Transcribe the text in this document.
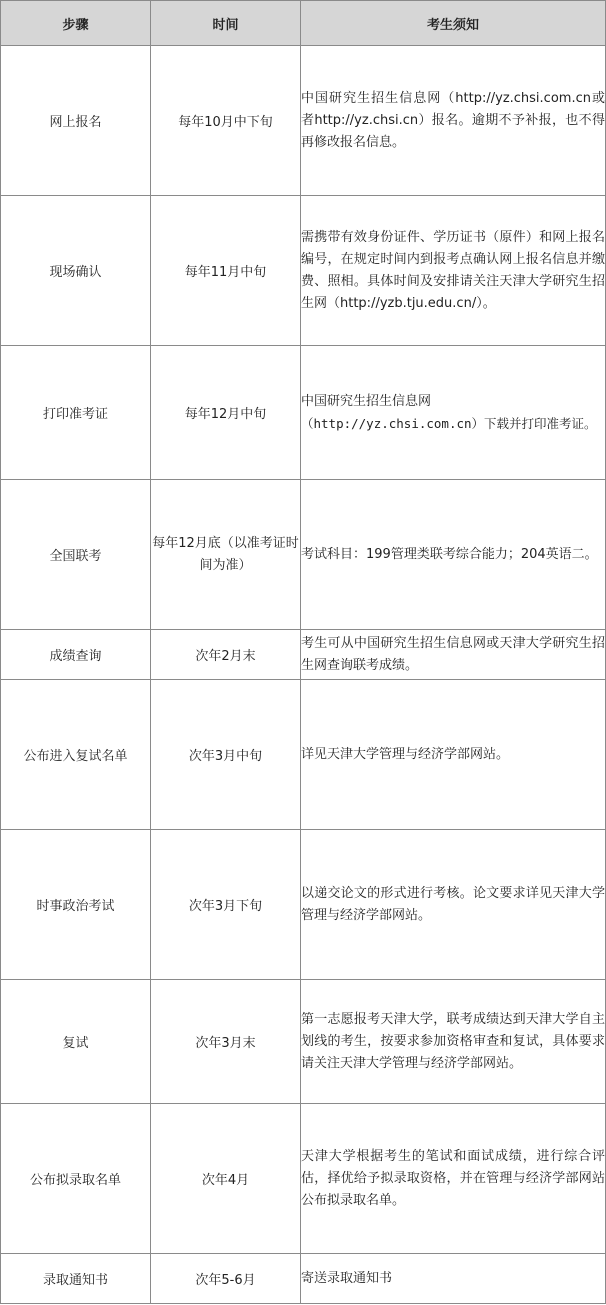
步骤	时间	考生须知
网上报名	每年10月中下旬	中国研究生招生信息网（http://yz.chsi.com.cn或者http://yz.chsi.cn）报名。逾期不予补报，也不得再修改报名信息。
现场确认	每年11月中旬	需携带有效身份证件、学历证书（原件）和网上报名编号，在规定时间内到报考点确认网上报名信息并缴费、照相。具体时间及安排请关注天津大学研究生招生网（http://yzb.tju.edu.cn/）。
打印准考证	每年12月中旬	中国研究生招生信息网
（http://yz.chsi.com.cn）下载并打印准考证。

全国联考	每年12月底（以准考证时间为准）	考试科目：199管理类联考综合能力；204英语二。
成绩查询	次年2月末	考生可从中国研究生招生信息网或天津大学研究生招生网查询联考成绩。
公布进入复试名单	次年3月中旬	详见天津大学管理与经济学部网站。
时事政治考试	次年3月下旬	以递交论文的形式进行考核。论文要求详见天津大学管理与经济学部网站。
复试	次年3月末	第一志愿报考天津大学，联考成绩达到天津大学自主划线的考生，按要求参加资格审查和复试，具体要求请关注天津大学管理与经济学部网站。
公布拟录取名单	次年4月	天津大学根据考生的笔试和面试成绩，进行综合评估，择优给予拟录取资格，并在管理与经济学部网站公布拟录取名单。
录取通知书	次年5-6月	寄送录取通知书
